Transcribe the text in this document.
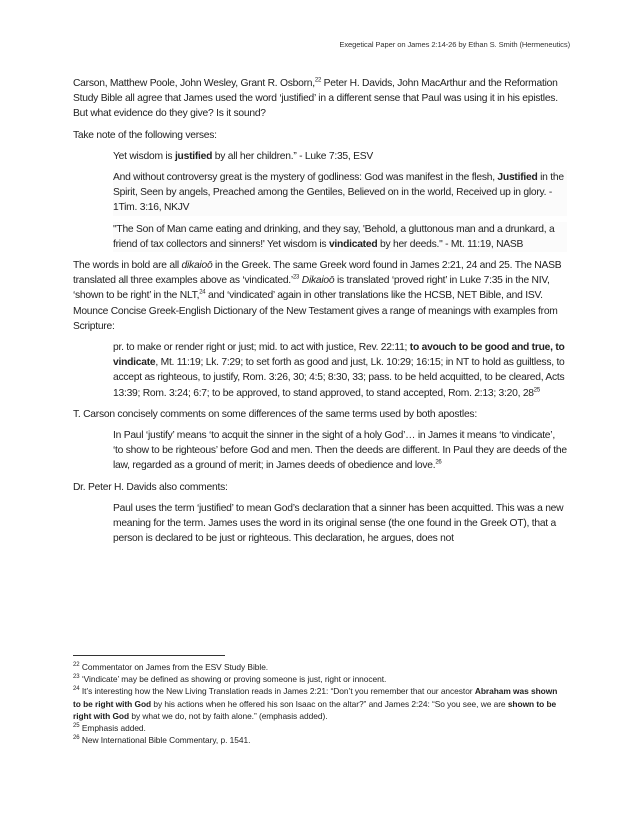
Exegetical Paper on James 2:14-26 by Ethan S. Smith (Hermeneutics)

Carson, Matthew Poole, John Wesley, Grant R. Osborn,$^{22}$ Peter H. Davids, John MacArthur and the Reformation Study Bible all agree that James used the word ‘justified’ in a different sense that Paul was using it in his epistles. But what evidence do they give? Is it sound?

Take note of the following verses:

Yet wisdom is justified by all her children.” - Luke 7:35, ESV

And without controversy great is the mystery of godliness: God was manifest in the flesh, Justified in the Spirit, Seen by angels, Preached among the Gentiles, Believed on in the world, Received up in glory. - 1Tim. 3:16, NKJV

"The Son of Man came eating and drinking, and they say, 'Behold, a gluttonous man and a drunkard, a friend of tax collectors and sinners!' Yet wisdom is vindicated by her deeds." - Mt. 11:19, NASB

The words in bold are all dikaioō in the Greek. The same Greek word found in James 2:21, 24 and 25. The NASB translated all three examples above as ‘vindicated.’$^{23}$ Dikaioō is translated ‘proved right’ in Luke 7:35 in the NIV, ‘shown to be right’ in the NLT,$^{24}$ and ‘vindicated’ again in other translations like the HCSB, NET Bible, and ISV. Mounce Concise Greek-English Dictionary of the New Testament gives a range of meanings with examples from Scripture:

pr. to make or render right or just; mid. to act with justice, Rev. 22:11; to avouch to be good and true, to vindicate, Mt. 11:19; Lk. 7:29; to set forth as good and just, Lk. 10:29; 16:15; in NT to hold as guiltless, to accept as righteous, to justify, Rom. 3:26, 30; 4:5; 8:30, 33; pass. to be held acquitted, to be cleared, Acts 13:39; Rom. 3:24; 6:7; to be approved, to stand approved, to stand accepted, Rom. 2:13; 3:20, $28^{25}$

T. Carson concisely comments on some differences of the same terms used by both apostles:

In Paul ‘justify’ means ‘to acquit the sinner in the sight of a holy God’… in James it means ‘to vindicate’, ‘to show to be righteous’ before God and men. Then the deeds are different. In Paul they are deeds of the law, regarded as a ground of merit; in James deeds of obedience and love.$^{26}$

Dr. Peter H. Davids also comments:

Paul uses the term ‘justified’ to mean God’s declaration that a sinner has been acquitted. This was a new meaning for the term. James uses the word in its original sense (the one found in the Greek OT), that a person is declared to be just or righteous. This declaration, he argues, does not

$^{22}$ Commentator on James from the ESV Study Bible.

$^{23}$ ‘Vindicate’ may be defined as showing or proving someone is just, right or innocent.

$^{24}$ It’s interesting how the New Living Translation reads in James 2:21: “Don’t you remember that our ancestor Abraham was shown to be right with God by his actions when he offered his son Isaac on the altar?” and James 2:24: “So you see, we are shown to be right with God by what we do, not by faith alone.” (emphasis added).

$^{25}$ Emphasis added.

$^{26}$ New International Bible Commentary, p. 1541.
